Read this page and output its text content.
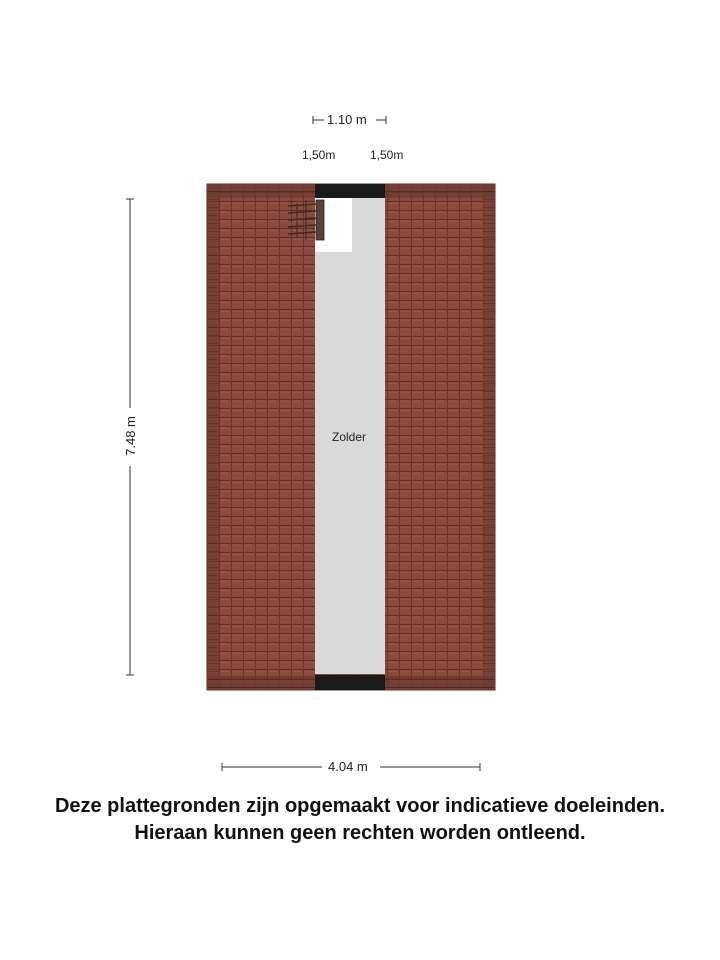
1.10 m
1,50m	1,50m
Zolder
7.48 m
4.04 m
Deze plattegronden zijn opgemaakt voor indicatieve doeleinden.
Hieraan kunnen geen rechten worden ontleend.
